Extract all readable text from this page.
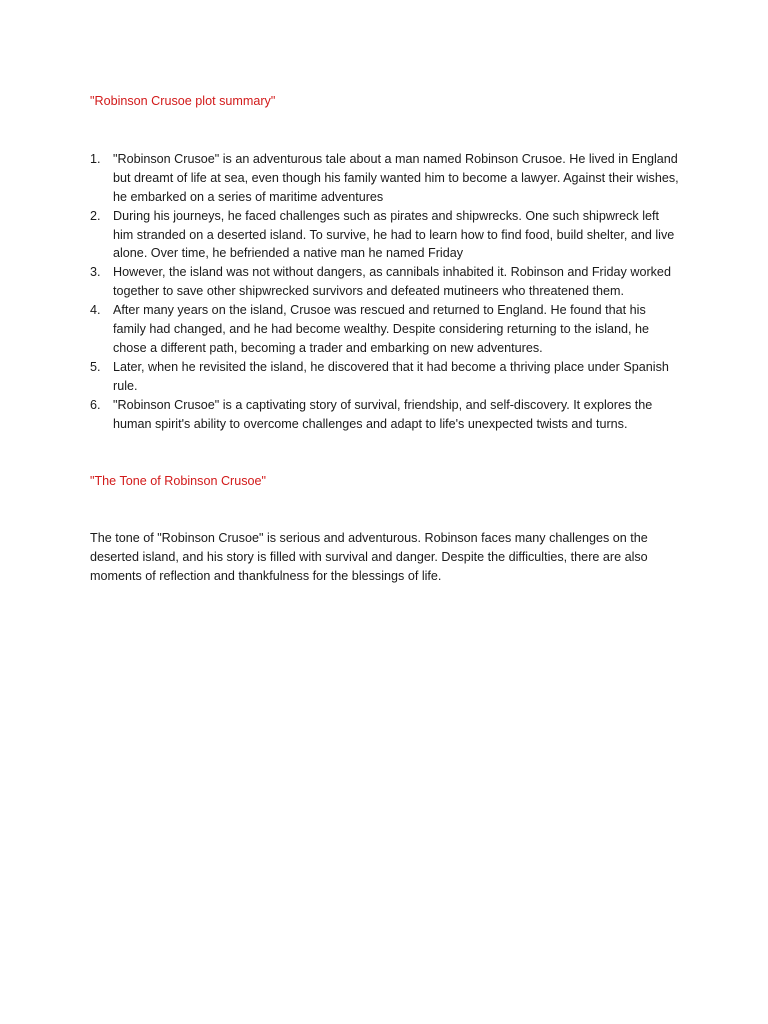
"Robinson Crusoe plot summary"
1. "Robinson Crusoe" is an adventurous tale about a man named Robinson Crusoe. He lived in England but dreamt of life at sea, even though his family wanted him to become a lawyer. Against their wishes, he embarked on a series of maritime adventures
2. During his journeys, he faced challenges such as pirates and shipwrecks. One such shipwreck left him stranded on a deserted island. To survive, he had to learn how to find food, build shelter, and live alone. Over time, he befriended a native man he named Friday
3. However, the island was not without dangers, as cannibals inhabited it. Robinson and Friday worked together to save other shipwrecked survivors and defeated mutineers who threatened them.
4. After many years on the island, Crusoe was rescued and returned to England. He found that his family had changed, and he had become wealthy. Despite considering returning to the island, he chose a different path, becoming a trader and embarking on new adventures.
5. Later, when he revisited the island, he discovered that it had become a thriving place under Spanish rule.
6. "Robinson Crusoe" is a captivating story of survival, friendship, and self-discovery. It explores the human spirit's ability to overcome challenges and adapt to life's unexpected twists and turns.
"The Tone of Robinson Crusoe"

The tone of "Robinson Crusoe" is serious and adventurous. Robinson faces many challenges on the deserted island, and his story is filled with survival and danger. Despite the difficulties, there are also moments of reflection and thankfulness for the blessings of life.
